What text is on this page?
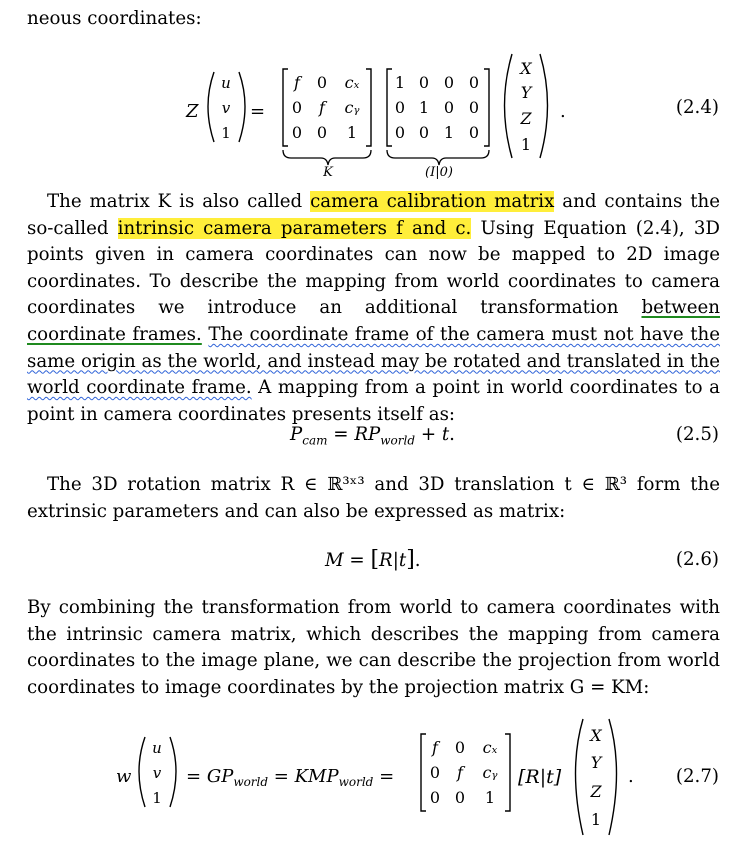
neous coordinates:
Z
u
v
1
=
f 0 cₓ
0 f cᵧ
0 0 1
1 0 0 0
0 1 0 0
0 0 1 0
K	(I|0)
X
Y
Z
1
.	(2.4)
The matrix K is also called camera calibration matrix and contains the so-called intrinsic camera parameters f and c. Using Equation (2.4), 3D points given in camera coordinates can now be mapped to 2D image coordinates. To describe the mapping from world coordinates to camera coordinates we introduce an additional transformation between coordinate frames. The coordinate frame of the camera must not have the same origin as the world, and instead may be rotated and translated in the world coordinate frame. A mapping from a point in world coordinates to a point in camera coordinates presents itself as:
$P_{cam} = RP_{world} + t$.	(2.5)
The 3D rotation matrix R ∈ ℝ³ˣ³ and 3D translation t ∈ ℝ³ form the extrinsic parameters and can also be expressed as matrix:
M = [R|t].	(2.6)
By combining the transformation from world to camera coordinates with the intrinsic camera matrix, which describes the mapping from camera coordinates to the image plane, we can describe the projection from world coordinates to image coordinates by the projection matrix G = KM:
w
u
v
1
= $GP_{world} = KMP_{world}$ =
f 0 cₓ
0 f cᵧ
0 0 1
[R|t]
X
Y
Z
1
. (2.7)
